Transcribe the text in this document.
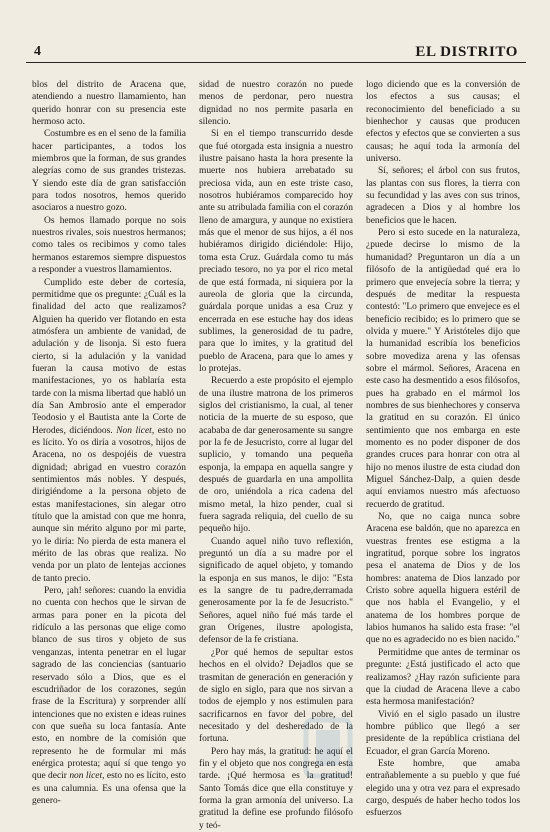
4	EL DISTRITO

blos del distrito de Aracena que, atendiendo a nuestro llamamiento, han querido honrar con su presencia este hermoso acto.

Costumbre es en el seno de la familia hacer participantes, a todos los miembros que la forman, de sus grandes alegrías como de sus grandes tristezas. Y siendo este día de gran satisfacción para todos nosotros, hemos querido asociaros a nuestro gozo.

Os hemos llamado porque no sois nuestros rivales, sois nuestros hermanos; como tales os recibimos y como tales hermanos estaremos siempre dispuestos a responder a vuestros llamamientos.

Cumplido este deber de cortesía, permitidme que os pregunte: ¿Cuál es la finalidad del acto que realizamos? Alguien ha querido ver flotando en esta atmósfera un ambiente de vanidad, de adulación y de lisonja. Si esto fuera cierto, si la adulación y la vanidad fueran la causa motivo de estas manifestaciones, yo os hablaría esta tarde con la misma libertad que habló un día San Ambrosio ante el emperador Teodosio y el Bautista ante la Corte de Herodes, diciéndoos. Non licet, esto no es lícito. Yo os diría a vosotros, hijos de Aracena, no os despojéis de vuestra dignidad; abrigad en vuestro corazón sentimientos más nobles. Y después, dirigiéndome a la persona objeto de estas manifestaciones, sin alegar otro título que la amistad con que me honra, aunque sin mérito alguno por mi parte, yo le diría: No pierda de esta manera el mérito de las obras que realiza. No venda por un plato de lentejas acciones de tanto precio.

Pero, ¡ah! señores: cuando la envidia no cuenta con hechos que le sirvan de armas para poner en la picota del ridículo a las personas que elige como blanco de sus tiros y objeto de sus venganzas, intenta penetrar en el lugar sagrado de las conciencias (santuario reservado sólo a Dios, que es el escudriñador de los corazones, según frase de la Escritura) y sorprender allí intenciones que no existen e ideas ruines con que sueña su loca fantasía. Ante esto, en nombre de la comisión que represento he de formular mi más enérgica protesta; aquí sí que tengo yo que decir non licet, esto no es lícito, esto es una calumnia. Es una ofensa que la genero-

sidad de nuestro corazón no puede menos de perdonar, pero nuestra dignidad no nos permite pasarla en silencio.

Si en el tiempo transcurrido desde que fué otorgada esta insignia a nuestro ilustre paisano hasta la hora presente la muerte nos hubiera arrebatado su preciosa vida, aun en este triste caso, nosotros hubiéramos comparecido hoy ante su atribulada familia con el corazón lleno de amargura, y aunque no existiera más que el menor de sus hijos, a él nos hubiéramos dirigido diciéndole: Hijo, toma esta Cruz. Guárdala como tu más preciado tesoro, no ya por el rico metal de que está formada, ni siquiera por la aureola de gloria que la circunda, guárdala porque unidas a esa Cruz y encerrada en ese estuche hay dos ideas sublimes, la generosidad de tu padre, para que lo imites, y la gratitud del pueblo de Aracena, para que lo ames y lo protejas.

Recuerdo a este propósito el ejemplo de una ilustre matrona de los primeros siglos del cristianismo, la cual, al tener noticia de la muerte de su esposo, que acababa de dar generosamente su sangre por la fe de Jesucristo, corre al lugar del suplicio, y tomando una pequeña esponja, la empapa en aquella sangre y después de guardarla en una ampollita de oro, uniéndola a rica cadena del mismo metal, la hizo pender, cual si fuera sagrada reliquia, del cuello de su pequeño hijo.

Cuando aquel niño tuvo reflexión, preguntó un día a su madre por el significado de aquel objeto, y tomando la esponja en sus manos, le dijo: "Esta es la sangre de tu padre,derramada generosamente por la fe de Jesucristo." Señores, aquel niño fué más tarde el gran Orígenes, ilustre apologista, defensor de la fe cristiana.

¿Por qué hemos de sepultar estos hechos en el olvido? Dejadlos que se trasmitan de generación en generación y de siglo en siglo, para que nos sirvan a todos de ejemplo y nos estimulen para sacrificarnos en favor del pobre, del necesitado y del desheredado de la fortuna.

Pero hay más, la gratitud: he aquí el fin y el objeto que nos congrega en esta tarde. ¡Qué hermosa es la gratitud! Santo Tomás dice que ella constituye y forma la gran armonía del universo. La gratitud la define ese profundo filósofo y teó-

logo diciendo que es la conversión de los efectos a sus causas; el reconocimiento del beneficiado a su bienhechor y causas que producen efectos y efectos que se convierten a sus causas; he aquí toda la armonía del universo.

Sí, señores; el árbol con sus frutos, las plantas con sus flores, la tierra con su fecundidad y las aves con sus trinos, agradecen a Dios y al hombre los beneficios que le hacen.

Pero si esto sucede en la naturaleza, ¿puede decirse lo mismo de la humanidad? Preguntaron un día a un filósofo de la antigüedad qué era lo primero que envejecía sobre la tierra; y después de meditar la respuesta contestó: "Lo primero que envejece es el beneficio recibido; es lo primero que se olvida y muere." Y Aristóteles dijo que la humanidad escribía los beneficios sobre movediza arena y las ofensas sobre el mármol. Señores, Aracena en este caso ha desmentido a esos filósofos, pues ha grabado en el mármol los nombres de sus bienhechores y conserva la gratitud en su corazón. El único sentimiento que nos embarga en este momento es no poder disponer de dos grandes cruces para honrar con otra al hijo no menos ilustre de esta ciudad don Miguel Sánchez-Dalp, a quien desde aquí enviamos nuestro más afectuoso recuerdo de gratitud.

No, que no caiga nunca sobre Aracena ese baldón, que no aparezca en vuestras frentes ese estigma a la ingratitud, porque sobre los ingratos pesa el anatema de Dios y de los hombres: anatema de Dios lanzado por Cristo sobre aquella higuera estéril de que nos habla el Evangelio, y el anatema de los hombres porque de labios humanos ha salido esta frase: "el que no es agradecido no es bien nacido."

Permitidme que antes de terminar os pregunte: ¿Está justificado el acto que realizamos? ¿Hay razón suficiente para que la ciudad de Aracena lleve a cabo esta hermosa manifestación?

Vivió en el siglo pasado un ilustre hombre público que llegó a ser presidente de la república cristiana del Ecuador, el gran García Moreno.

Este hombre, que amaba entrañablemente a su pueblo y que fué elegido una y otra vez para el expresado cargo, después de haber hecho todos los esfuerzos
